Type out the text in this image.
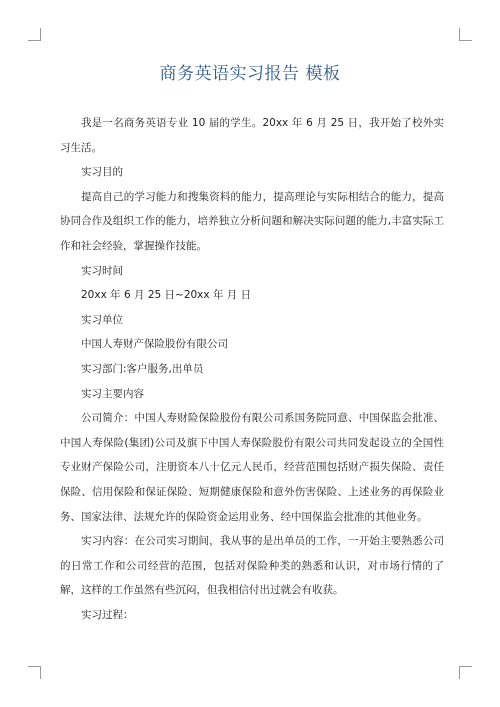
商务英语实习报告 模板

我是一名商务英语专业 10 届的学生。20xx 年 6 月 25 日，我开始了校外实习生活。

实习目的

提高自己的学习能力和搜集资料的能力，提高理论与实际相结合的能力，提高协同合作及组织工作的能力，培养独立分析问题和解决实际问题的能力,丰富实际工作和社会经验，掌握操作技能。

实习时间

20xx 年 6 月 25 日~20xx 年 月 日

实习单位

中国人寿财产保险股份有限公司

实习部门:客户服务,出单员

实习主要内容

公司简介：中国人寿财险保险股份有限公司系国务院同意、中国保监会批准、中国人寿保险(集团)公司及旗下中国人寿保险股份有限公司共同发起设立的全国性专业财产保险公司，注册资本八十亿元人民币，经营范围包括财产损失保险、责任保险、信用保险和保证保险、短期健康保险和意外伤害保险、上述业务的再保险业务、国家法律、法规允许的保险资金运用业务、经中国保监会批准的其他业务。

实习内容：在公司实习期间，我从事的是出单员的工作，一开始主要熟悉公司的日常工作和公司经营的范围，包括对保险种类的熟悉和认识，对市场行情的了解，这样的工作虽然有些沉闷，但我相信付出过就会有收获。

实习过程：
